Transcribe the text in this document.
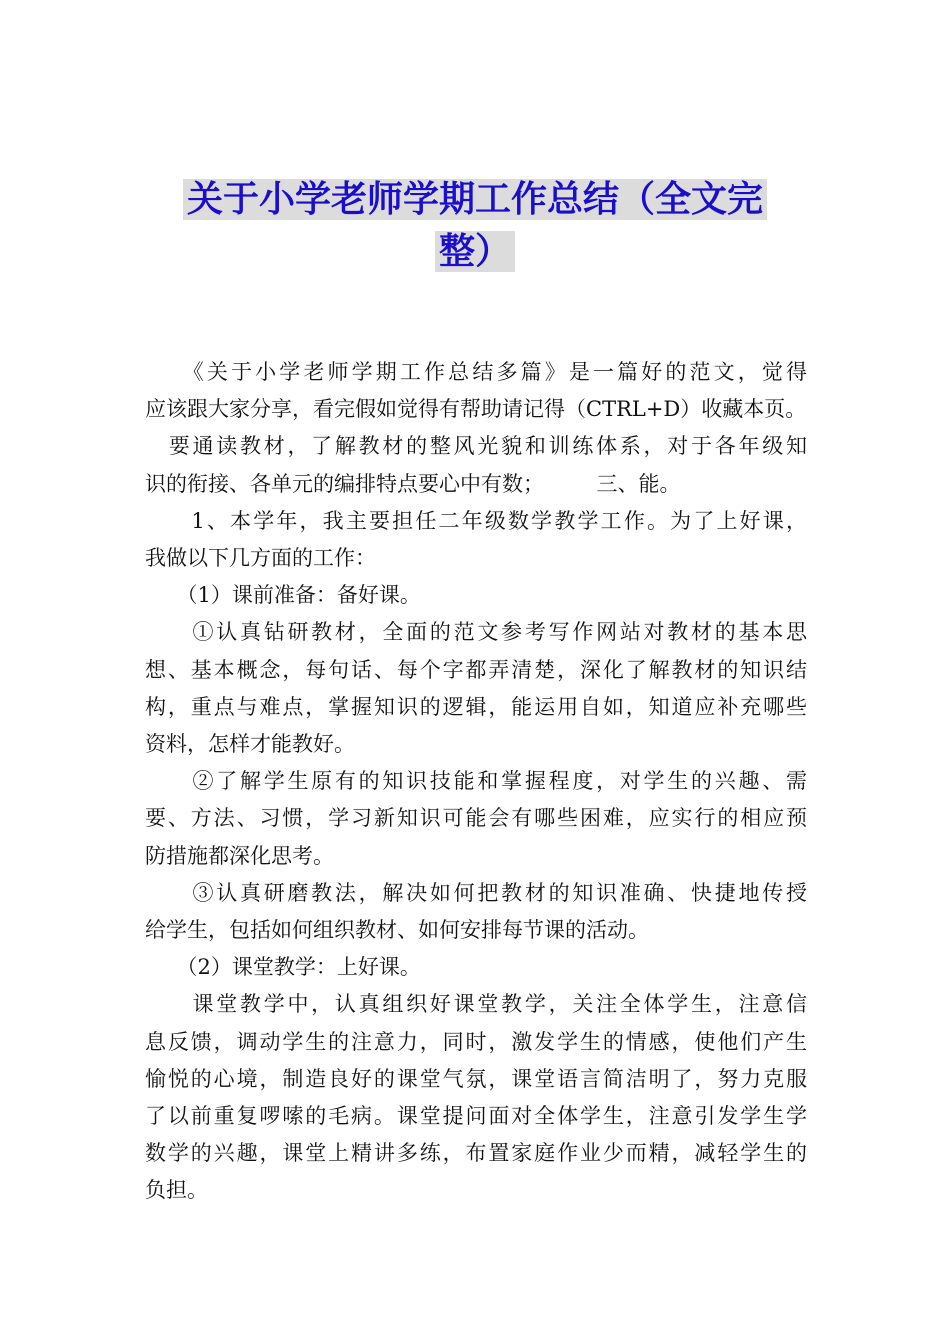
关于小学老师学期工作总结（全文完
整）
　　《关于小学老师学期工作总结多篇》是一篇好的范文，觉得
应该跟大家分享，看完假如觉得有帮助请记得（CTRL+D）收藏本页。
　要通读教材，了解教材的整风光貌和训练体系，对于各年级知
识的衔接、各单元的编排特点要心中有数；　　　三、能。
　　1、本学年，我主要担任二年级数学教学工作。为了上好课，
我做以下几方面的工作：
　　（1）课前准备：备好课。
　　①认真钻研教材，全面的范文参考写作网站对教材的基本思
想、基本概念，每句话、每个字都弄清楚，深化了解教材的知识结
构，重点与难点，掌握知识的逻辑，能运用自如，知道应补充哪些
资料，怎样才能教好。
　　②了解学生原有的知识技能和掌握程度，对学生的兴趣、需
要、方法、习惯，学习新知识可能会有哪些困难，应实行的相应预
防措施都深化思考。
　　③认真研磨教法，解决如何把教材的知识准确、快捷地传授
给学生，包括如何组织教材、如何安排每节课的活动。
　　（2）课堂教学：上好课。
　　课堂教学中，认真组织好课堂教学，关注全体学生，注意信
息反馈，调动学生的注意力，同时，激发学生的情感，使他们产生
愉悦的心境，制造良好的课堂气氛，课堂语言简洁明了，努力克服
了以前重复啰嗦的毛病。课堂提问面对全体学生，注意引发学生学
数学的兴趣，课堂上精讲多练，布置家庭作业少而精，减轻学生的
负担。
